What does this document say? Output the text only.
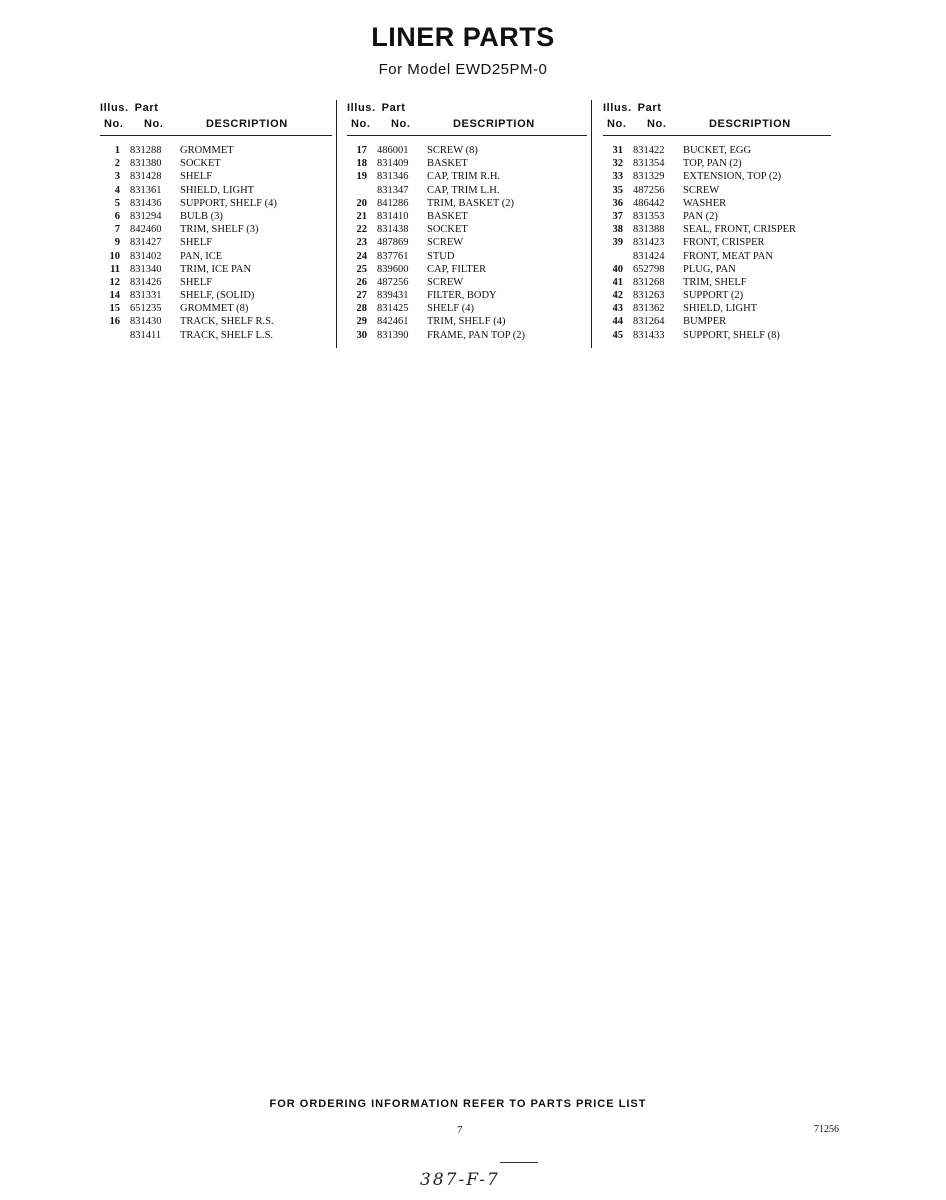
LINER PARTS
For Model EWD25PM-0
Illus. Part
No. No.	DESCRIPTION
1 831288 GROMMET
2 831380 SOCKET
3 831428 SHELF
4 831361 SHIELD, LIGHT
5 831436 SUPPORT, SHELF (4)
6 831294 BULB (3)
7 842460 TRIM, SHELF (3)
9 831427 SHELF
10 831402 PAN, ICE
11 831340 TRIM, ICE PAN
12 831426 SHELF
14 831331 SHELF, (SOLID)
15 651235 GROMMET (8)
16 831430 TRACK, SHELF R.S.
831411 TRACK, SHELF L.S.
Illus. Part
No. No.	DESCRIPTION
17 486001 SCREW (8)
18 831409 BASKET
19 831346 CAP, TRIM R.H.
831347 CAP, TRIM L.H.
20 841286 TRIM, BASKET (2)
21 831410 BASKET
22 831438 SOCKET
23 487869 SCREW
24 837761 STUD
25 839600 CAP, FILTER
26 487256 SCREW
27 839431 FILTER, BODY
28 831425 SHELF (4)
29 842461 TRIM, SHELF (4)
30 831390 FRAME, PAN TOP (2)
Illus. Part
No. No.	DESCRIPTION
31 831422 BUCKET, EGG
32 831354 TOP, PAN (2)
33 831329 EXTENSION, TOP (2)
35 487256 SCREW
36 486442 WASHER
37 831353 PAN (2)
38 831388 SEAL, FRONT, CRISPER
39 831423 FRONT, CRISPER
831424 FRONT, MEAT PAN
40 652798 PLUG, PAN
41 831268 TRIM, SHELF
42 831263 SUPPORT (2)
43 831362 SHIELD, LIGHT
44 831264 BUMPER
45 831433 SUPPORT, SHELF (8)
FOR ORDERING INFORMATION REFER TO PARTS PRICE LIST
7	71256
387-F-7
